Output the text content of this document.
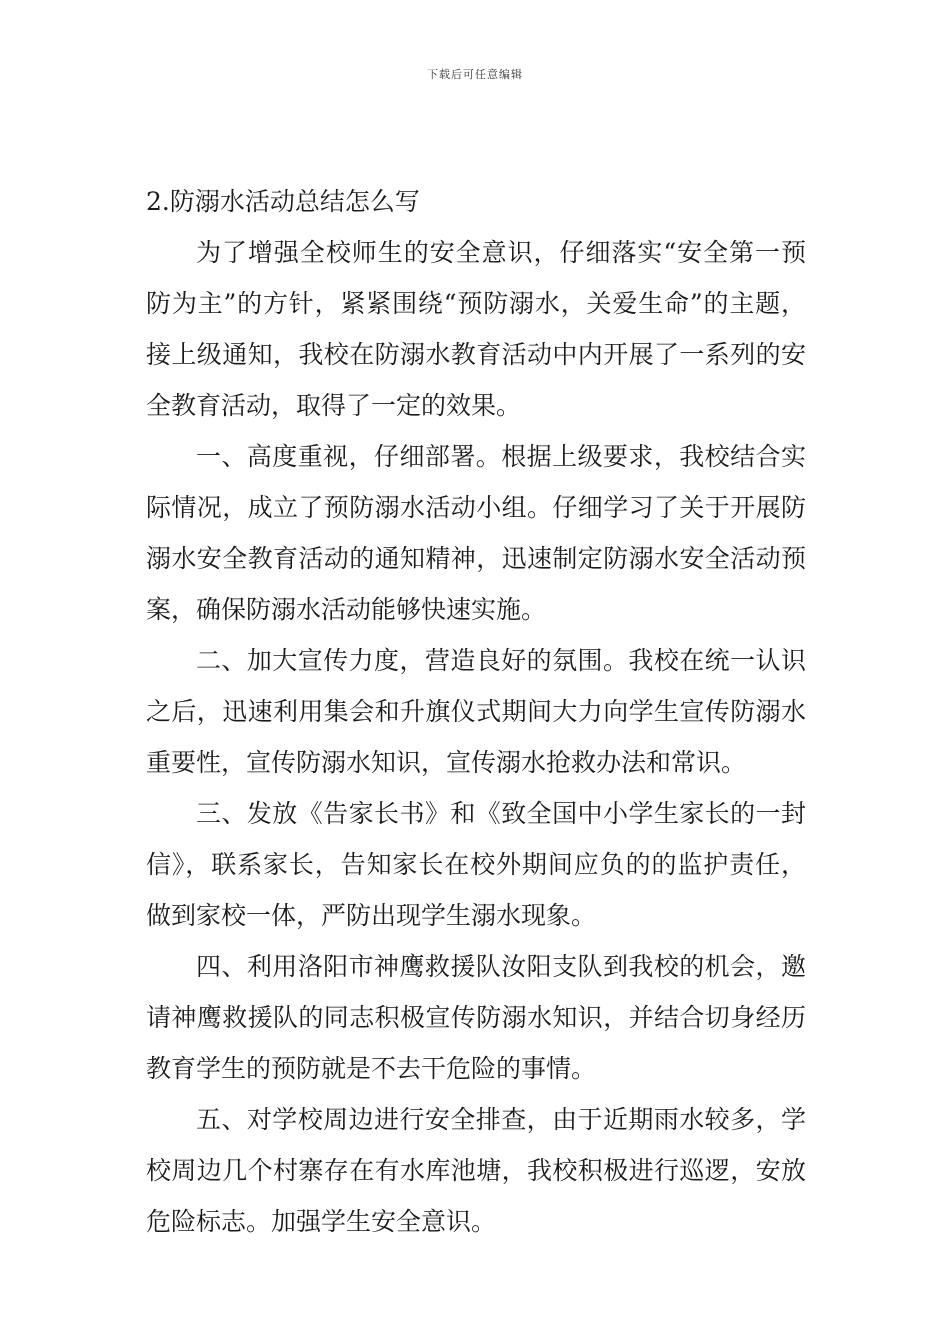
下载后可任意编辑
2.防溺水活动总结怎么写

为了增强全校师生的安全意识，仔细落实“安全第一预防为主”的方针，紧紧围绕“预防溺水，关爱生命”的主题，接上级通知，我校在防溺水教育活动中内开展了一系列的安全教育活动，取得了一定的效果。

一、高度重视，仔细部署。根据上级要求，我校结合实际情况，成立了预防溺水活动小组。仔细学习了关于开展防溺水安全教育活动的通知精神，迅速制定防溺水安全活动预案，确保防溺水活动能够快速实施。

二、加大宣传力度，营造良好的氛围。我校在统一认识之后，迅速利用集会和升旗仪式期间大力向学生宣传防溺水重要性，宣传防溺水知识，宣传溺水抢救办法和常识。

三、发放《告家长书》和《致全国中小学生家长的一封信》，联系家长，告知家长在校外期间应负的的监护责任，做到家校一体，严防出现学生溺水现象。

四、利用洛阳市神鹰救援队汝阳支队到我校的机会，邀请神鹰救援队的同志积极宣传防溺水知识，并结合切身经历教育学生的预防就是不去干危险的事情。

五、对学校周边进行安全排查，由于近期雨水较多，学校周边几个村寨存在有水库池塘，我校积极进行巡逻，安放危险标志。加强学生安全意识。
